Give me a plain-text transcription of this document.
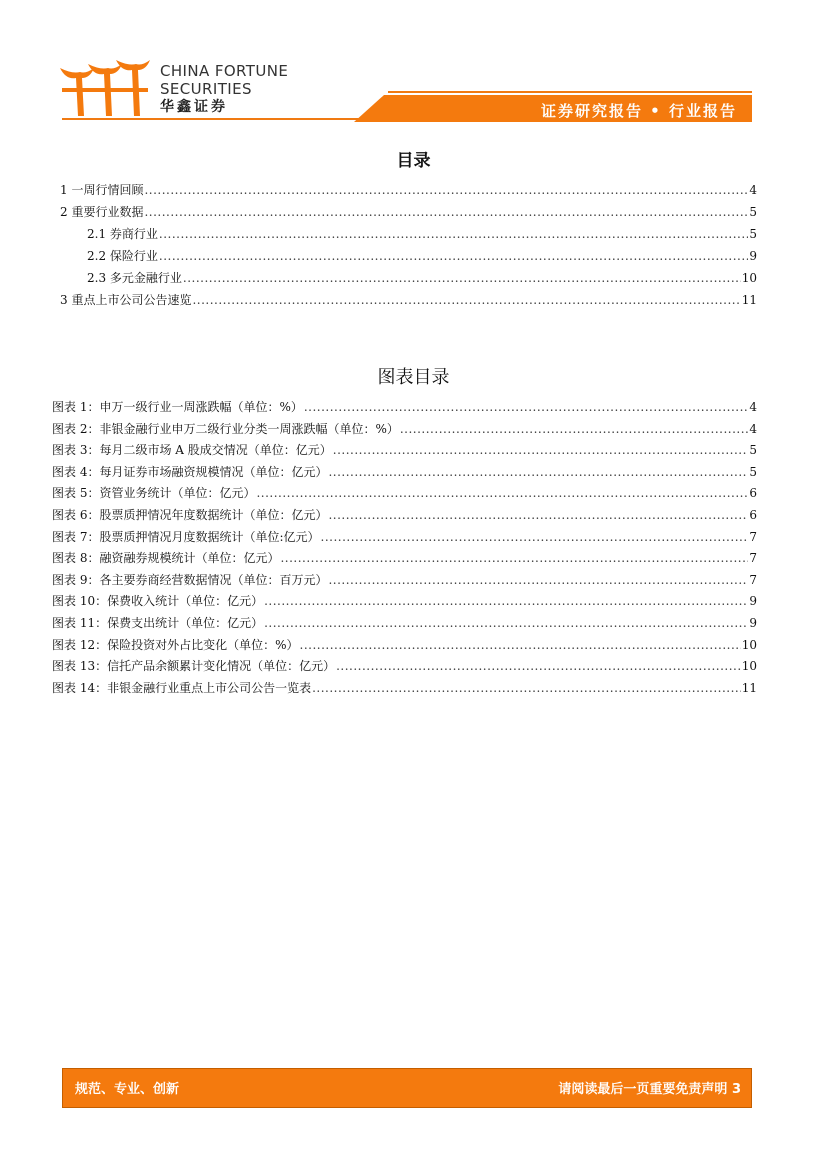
CHINA FORTUNE
SECURITIES
华鑫证券	证券研究报告 • 行业报告
目录
1 一周行情回顾 .....	4
2 重要行业数据 .....	5
2.1 券商行业 .....	5
2.2 保险行业 .....	9
2.3 多元金融行业 .....	10
3 重点上市公司公告速览 .....	11
图表目录
图表 1：申万一级行业一周涨跌幅（单位：%） .....	4
图表 2：非银金融行业申万二级行业分类一周涨跌幅（单位：%） .....	4
图表 3：每月二级市场 A 股成交情况（单位：亿元） .....	5
图表 4：每月证券市场融资规模情况（单位：亿元） .....	5
图表 5：资管业务统计（单位：亿元） .....	6
图表 6：股票质押情况年度数据统计（单位：亿元） .....	6
图表 7：股票质押情况月度数据统计（单位:亿元） .....	7
图表 8：融资融券规模统计（单位：亿元） .....	7
图表 9：各主要券商经营数据情况（单位：百万元） .....	7
图表 10：保费收入统计（单位：亿元） .....	9
图表 11：保费支出统计（单位：亿元） .....	9
图表 12：保险投资对外占比变化（单位：%） .....	10
图表 13：信托产品余额累计变化情况（单位：亿元） .....	10
图表 14：非银金融行业重点上市公司公告一览表 .....	11
规范、专业、创新	请阅读最后一页重要免责声明 3
